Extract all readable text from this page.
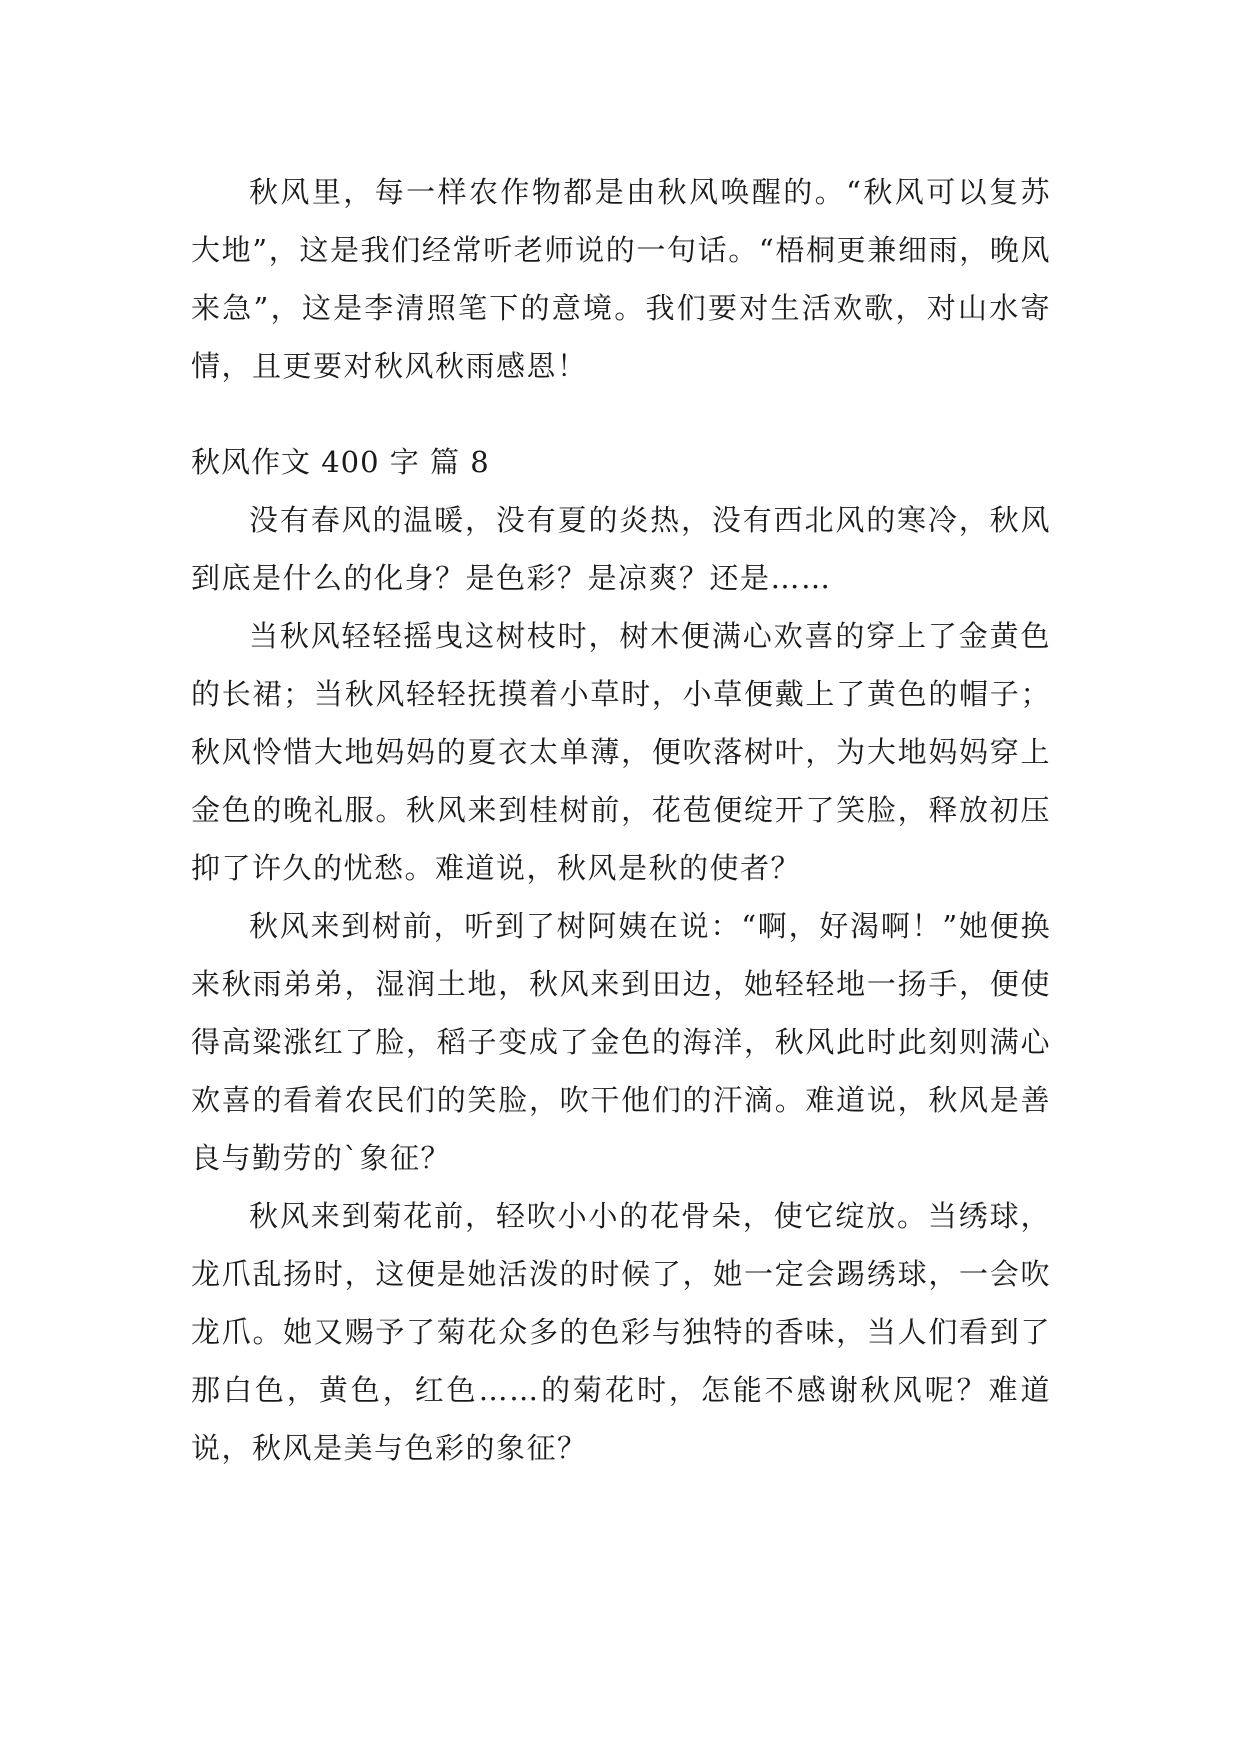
秋风里，每一样农作物都是由秋风唤醒的。“秋风可以复苏大地”，这是我们经常听老师说的一句话。“梧桐更兼细雨，晚风来急”，这是李清照笔下的意境。我们要对生活欢歌，对山水寄情，且更要对秋风秋雨感恩！

秋风作文 400 字 篇 8

没有春风的温暖，没有夏的炎热，没有西北风的寒冷，秋风到底是什么的化身？是色彩？是凉爽？还是……

当秋风轻轻摇曳这树枝时，树木便满心欢喜的穿上了金黄色的长裙；当秋风轻轻抚摸着小草时，小草便戴上了黄色的帽子；秋风怜惜大地妈妈的夏衣太单薄，便吹落树叶，为大地妈妈穿上金色的晚礼服。秋风来到桂树前，花苞便绽开了笑脸，释放初压抑了许久的忧愁。难道说，秋风是秋的使者？

秋风来到树前，听到了树阿姨在说：“啊，好渴啊！”她便换来秋雨弟弟，湿润土地，秋风来到田边，她轻轻地一扬手，便使得高粱涨红了脸，稻子变成了金色的海洋，秋风此时此刻则满心欢喜的看着农民们的笑脸，吹干他们的汗滴。难道说，秋风是善良与勤劳的`象征？

秋风来到菊花前，轻吹小小的花骨朵，使它绽放。当绣球，龙爪乱扬时，这便是她活泼的时候了，她一定会踢绣球，一会吹龙爪。她又赐予了菊花众多的色彩与独特的香味，当人们看到了那白色，黄色，红色……的菊花时，怎能不感谢秋风呢？难道说，秋风是美与色彩的象征？
